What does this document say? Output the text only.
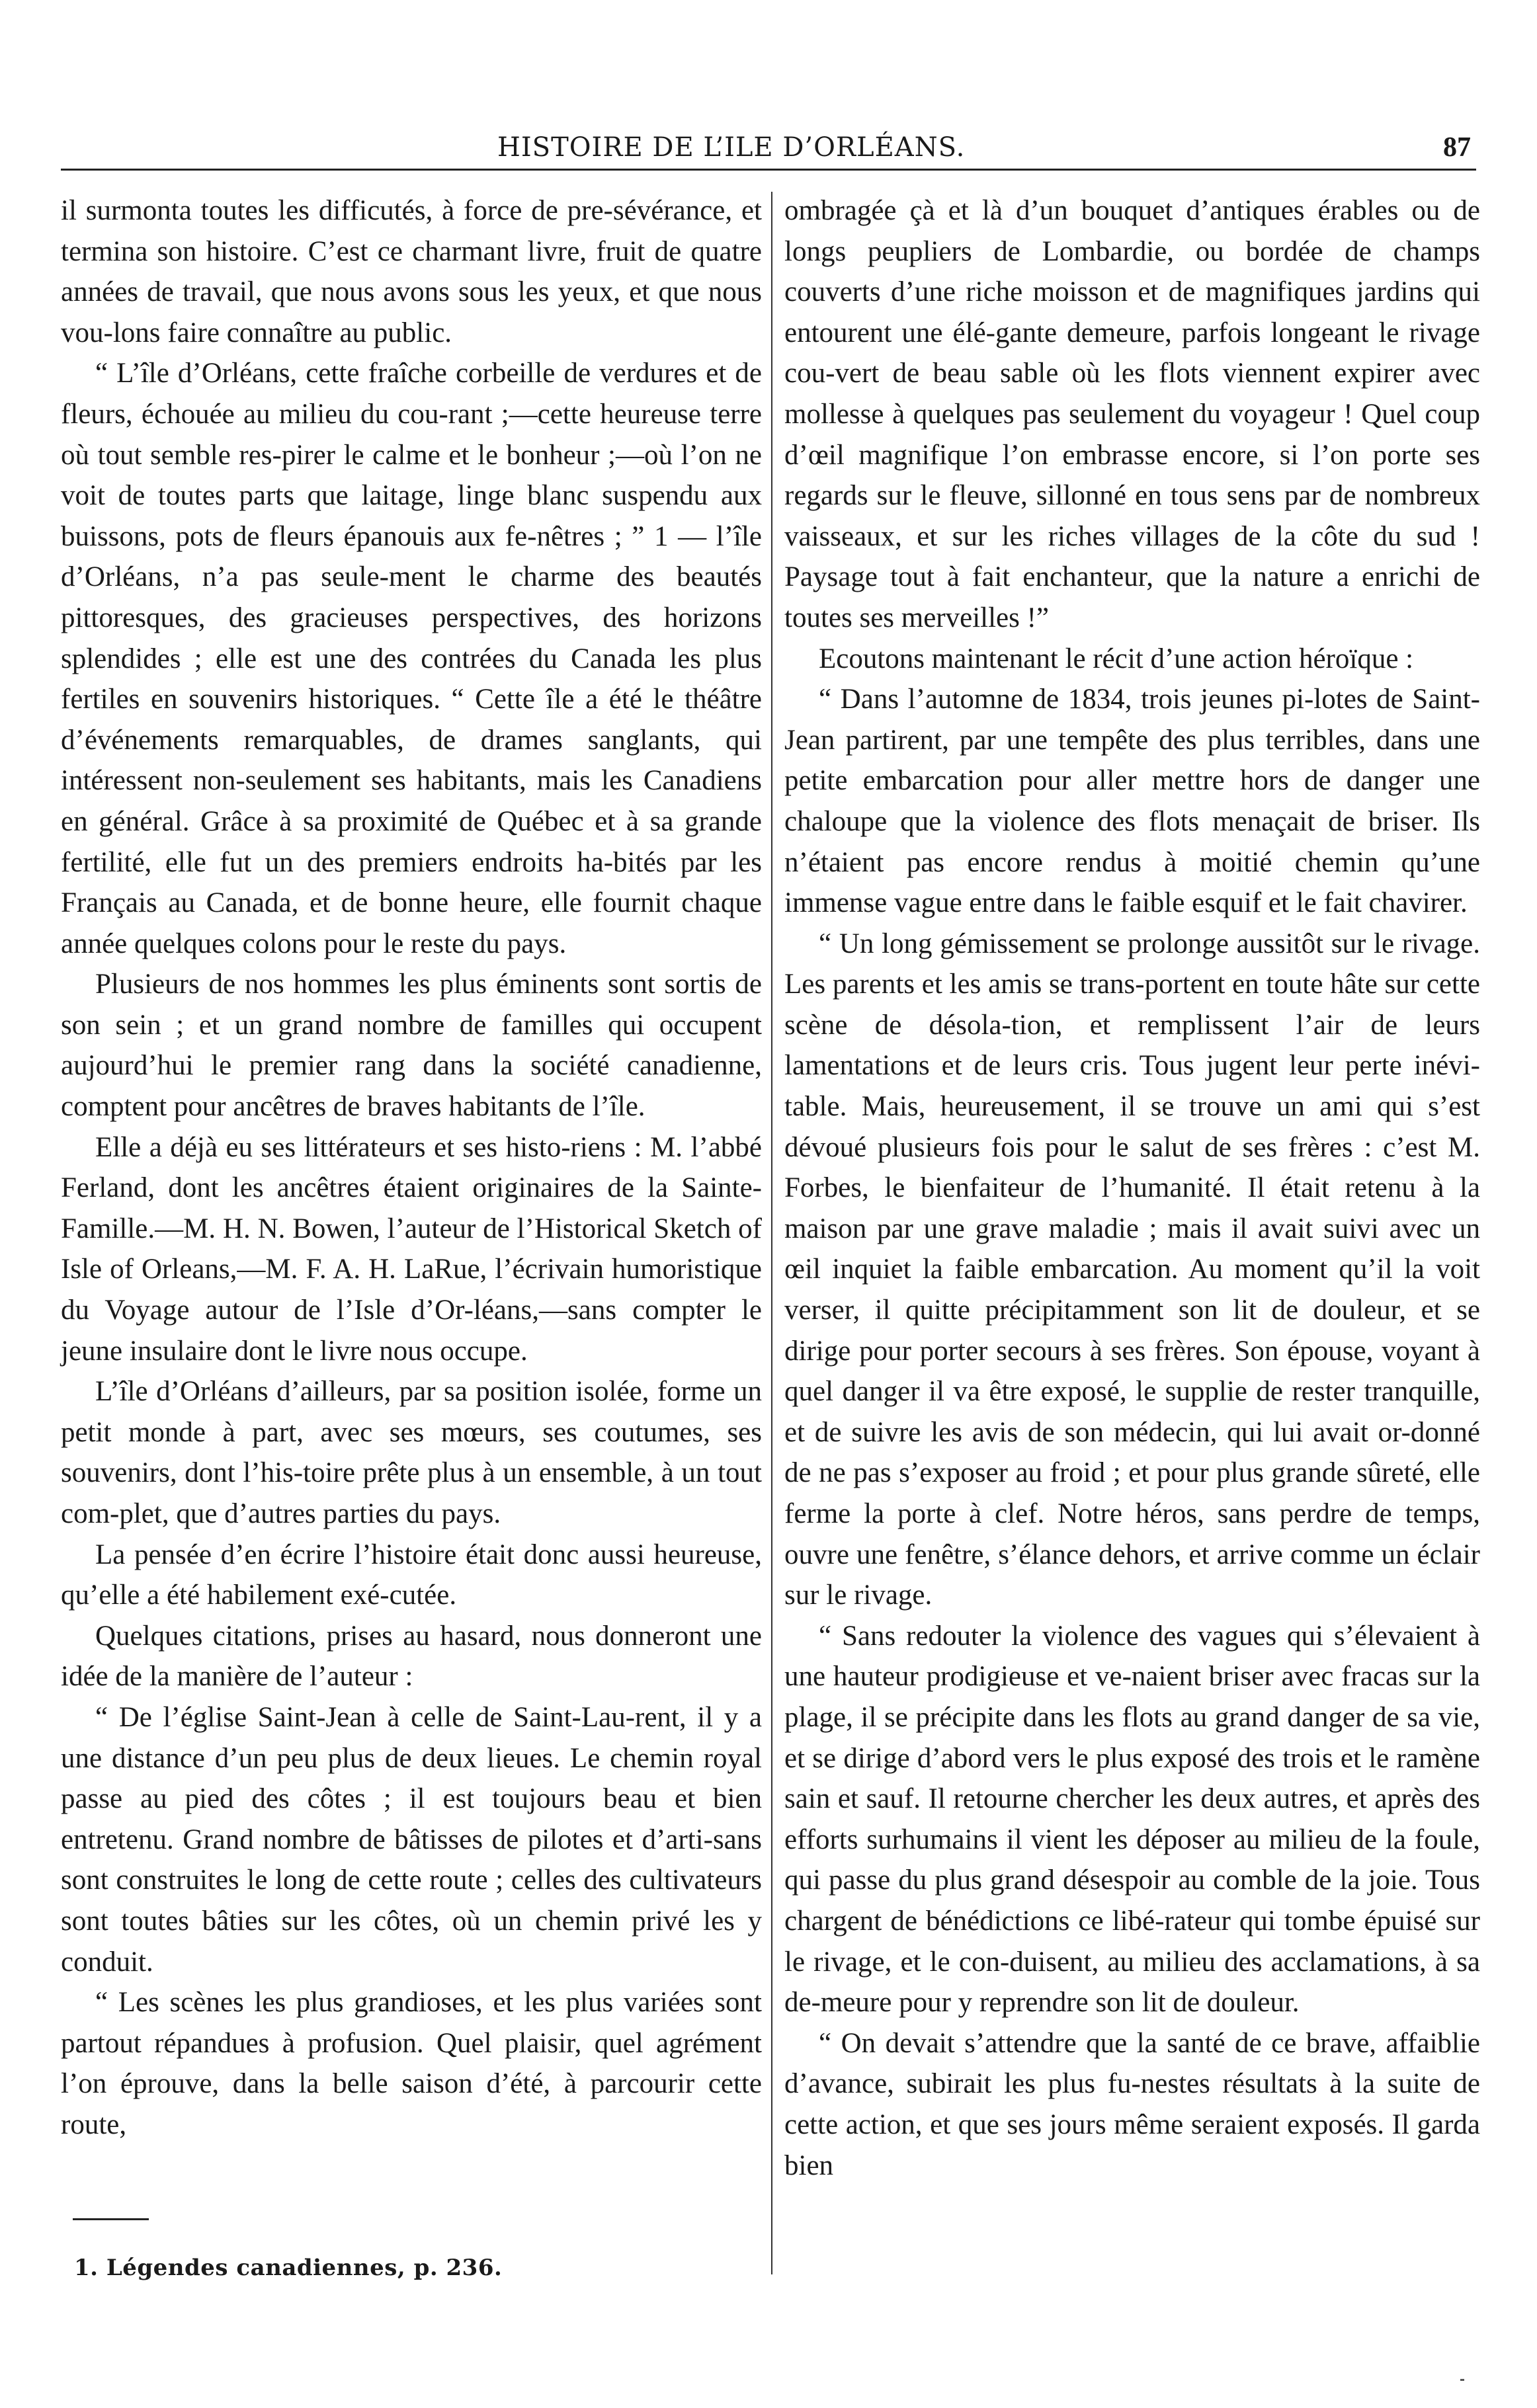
HISTOIRE DE L’ILE D’ORLÉANS.	87

il surmonta toutes les difficutés, à force de pre-sévérance, et termina son histoire. C’est ce charmant livre, fruit de quatre années de travail, que nous avons sous les yeux, et que nous vou-lons faire connaître au public.

“ L’île d’Orléans, cette fraîche corbeille de verdures et de fleurs, échouée au milieu du cou-rant ;—cette heureuse terre où tout semble res-pirer le calme et le bonheur ;—où l’on ne voit de toutes parts que laitage, linge blanc suspendu aux buissons, pots de fleurs épanouis aux fe-nêtres ; ” 1 — l’île d’Orléans, n’a pas seule-ment le charme des beautés pittoresques, des gracieuses perspectives, des horizons splendides ; elle est une des contrées du Canada les plus fertiles en souvenirs historiques. “ Cette île a été le théâtre d’événements remarquables, de drames sanglants, qui intéressent non-seulement ses habitants, mais les Canadiens en général. Grâce à sa proximité de Québec et à sa grande fertilité, elle fut un des premiers endroits ha-bités par les Français au Canada, et de bonne heure, elle fournit chaque année quelques colons pour le reste du pays.

Plusieurs de nos hommes les plus éminents sont sortis de son sein ; et un grand nombre de familles qui occupent aujourd’hui le premier rang dans la société canadienne, comptent pour ancêtres de braves habitants de l’île.

Elle a déjà eu ses littérateurs et ses histo-riens : M. l’abbé Ferland, dont les ancêtres étaient originaires de la Sainte-Famille.—M. H. N. Bowen, l’auteur de l’Historical Sketch of Isle of Orleans,—M. F. A. H. LaRue, l’écrivain humoristique du Voyage autour de l’Isle d’Or-léans,—sans compter le jeune insulaire dont le livre nous occupe.

L’île d’Orléans d’ailleurs, par sa position isolée, forme un petit monde à part, avec ses mœurs, ses coutumes, ses souvenirs, dont l’his-toire prête plus à un ensemble, à un tout com-plet, que d’autres parties du pays.

La pensée d’en écrire l’histoire était donc aussi heureuse, qu’elle a été habilement exé-cutée.

Quelques citations, prises au hasard, nous donneront une idée de la manière de l’auteur :

“ De l’église Saint-Jean à celle de Saint-Lau-rent, il y a une distance d’un peu plus de deux lieues. Le chemin royal passe au pied des côtes ; il est toujours beau et bien entretenu. Grand nombre de bâtisses de pilotes et d’arti-sans sont construites le long de cette route ; celles des cultivateurs sont toutes bâties sur les côtes, où un chemin privé les y conduit.

“ Les scènes les plus grandioses, et les plus variées sont partout répandues à profusion. Quel plaisir, quel agrément l’on éprouve, dans la belle saison d’été, à parcourir cette route,

ombragée çà et là d’un bouquet d’antiques érables ou de longs peupliers de Lombardie, ou bordée de champs couverts d’une riche moisson et de magnifiques jardins qui entourent une élé-gante demeure, parfois longeant le rivage cou-vert de beau sable où les flots viennent expirer avec mollesse à quelques pas seulement du voyageur ! Quel coup d’œil magnifique l’on embrasse encore, si l’on porte ses regards sur le fleuve, sillonné en tous sens par de nombreux vaisseaux, et sur les riches villages de la côte du sud ! Paysage tout à fait enchanteur, que la nature a enrichi de toutes ses merveilles !”

Ecoutons maintenant le récit d’une action héroïque :

“ Dans l’automne de 1834, trois jeunes pi-lotes de Saint-Jean partirent, par une tempête des plus terribles, dans une petite embarcation pour aller mettre hors de danger une chaloupe que la violence des flots menaçait de briser. Ils n’étaient pas encore rendus à moitié chemin qu’une immense vague entre dans le faible esquif et le fait chavirer.

“ Un long gémissement se prolonge aussitôt sur le rivage. Les parents et les amis se trans-portent en toute hâte sur cette scène de désola-tion, et remplissent l’air de leurs lamentations et de leurs cris. Tous jugent leur perte inévi-table. Mais, heureusement, il se trouve un ami qui s’est dévoué plusieurs fois pour le salut de ses frères : c’est M. Forbes, le bienfaiteur de l’humanité. Il était retenu à la maison par une grave maladie ; mais il avait suivi avec un œil inquiet la faible embarcation. Au moment qu’il la voit verser, il quitte précipitamment son lit de douleur, et se dirige pour porter secours à ses frères. Son épouse, voyant à quel danger il va être exposé, le supplie de rester tranquille, et de suivre les avis de son médecin, qui lui avait or-donné de ne pas s’exposer au froid ; et pour plus grande sûreté, elle ferme la porte à clef. Notre héros, sans perdre de temps, ouvre une fenêtre, s’élance dehors, et arrive comme un éclair sur le rivage.

“ Sans redouter la violence des vagues qui s’élevaient à une hauteur prodigieuse et ve-naient briser avec fracas sur la plage, il se précipite dans les flots au grand danger de sa vie, et se dirige d’abord vers le plus exposé des trois et le ramène sain et sauf. Il retourne chercher les deux autres, et après des efforts surhumains il vient les déposer au milieu de la foule, qui passe du plus grand désespoir au comble de la joie. Tous chargent de bénédictions ce libé-rateur qui tombe épuisé sur le rivage, et le con-duisent, au milieu des acclamations, à sa de-meure pour y reprendre son lit de douleur.

“ On devait s’attendre que la santé de ce brave, affaiblie d’avance, subirait les plus fu-nestes résultats à la suite de cette action, et que ses jours même seraient exposés. Il garda bien

1. Légendes canadiennes, p. 236.
